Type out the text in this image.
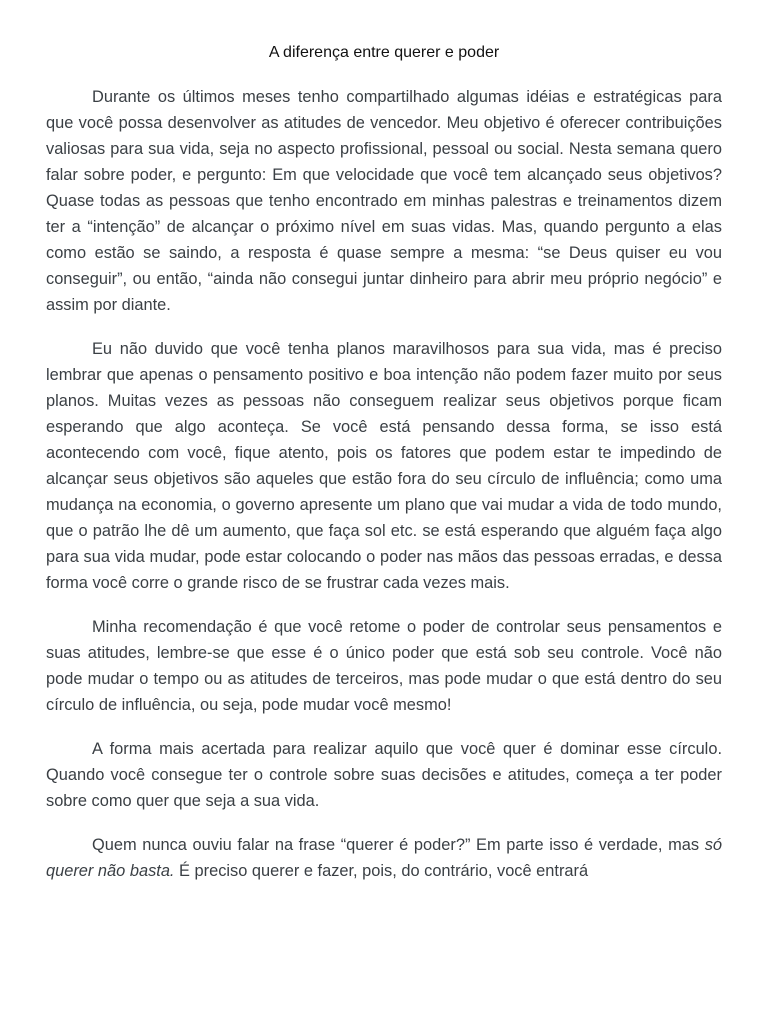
A diferença entre querer e poder

Durante os últimos meses tenho compartilhado algumas idéias e estratégicas para que você possa desenvolver as atitudes de vencedor. Meu objetivo é oferecer contribuições valiosas para sua vida, seja no aspecto profissional, pessoal ou social. Nesta semana quero falar sobre poder, e pergunto: Em que velocidade que você tem alcançado seus objetivos? Quase todas as pessoas que tenho encontrado em minhas palestras e treinamentos dizem ter a “intenção” de alcançar o próximo nível em suas vidas. Mas, quando pergunto a elas como estão se saindo, a resposta é quase sempre a mesma: “se Deus quiser eu vou conseguir”, ou então, “ainda não consegui juntar dinheiro para abrir meu próprio negócio” e assim por diante.

Eu não duvido que você tenha planos maravilhosos para sua vida, mas é preciso lembrar que apenas o pensamento positivo e boa intenção não podem fazer muito por seus planos. Muitas vezes as pessoas não conseguem realizar seus objetivos porque ficam esperando que algo aconteça. Se você está pensando dessa forma, se isso está acontecendo com você, fique atento, pois os fatores que podem estar te impedindo de alcançar seus objetivos são aqueles que estão fora do seu círculo de influência; como uma mudança na economia, o governo apresente um plano que vai mudar a vida de todo mundo, que o patrão lhe dê um aumento, que faça sol etc. se está esperando que alguém faça algo para sua vida mudar, pode estar colocando o poder nas mãos das pessoas erradas, e dessa forma você corre o grande risco de se frustrar cada vezes mais.

Minha recomendação é que você retome o poder de controlar seus pensamentos e suas atitudes, lembre-se que esse é o único poder que está sob seu controle. Você não pode mudar o tempo ou as atitudes de terceiros, mas pode mudar o que está dentro do seu círculo de influência, ou seja, pode mudar você mesmo!

A forma mais acertada para realizar aquilo que você quer é dominar esse círculo. Quando você consegue ter o controle sobre suas decisões e atitudes, começa a ter poder sobre como quer que seja a sua vida.

Quem nunca ouviu falar na frase “querer é poder?” Em parte isso é verdade, mas só querer não basta. É preciso querer e fazer, pois, do contrário, você entrará
